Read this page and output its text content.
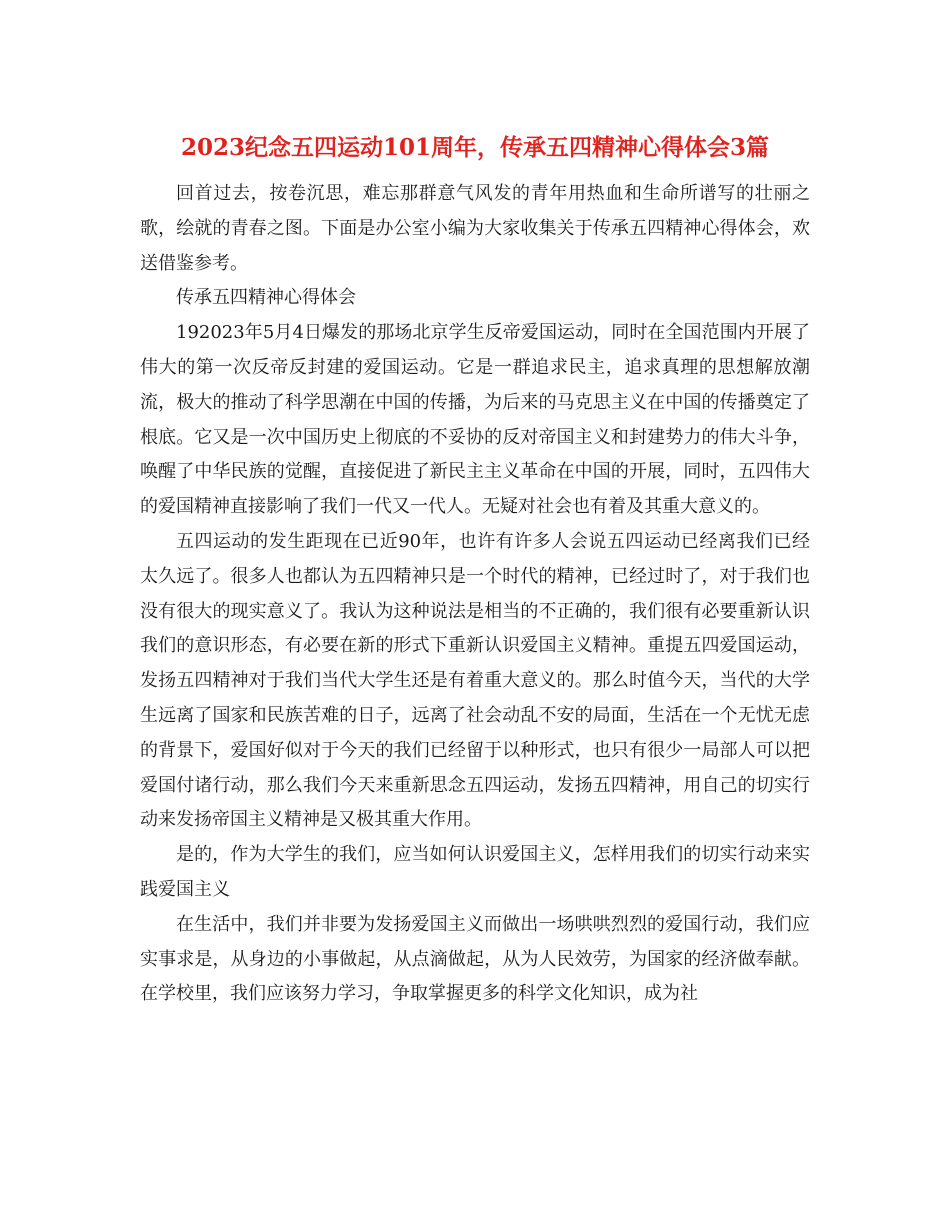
2023纪念五四运动101周年，传承五四精神心得体会3篇

回首过去，按卷沉思，难忘那群意气风发的青年用热血和生命所谱写的壮丽之歌，绘就的青春之图。下面是办公室小编为大家收集关于传承五四精神心得体会，欢送借鉴参考。

传承五四精神心得体会

192023年5月4日爆发的那场北京学生反帝爱国运动，同时在全国范围内开展了伟大的第一次反帝反封建的爱国运动。它是一群追求民主，追求真理的思想解放潮流，极大的推动了科学思潮在中国的传播，为后来的马克思主义在中国的传播奠定了根底。它又是一次中国历史上彻底的不妥协的反对帝国主义和封建势力的伟大斗争，唤醒了中华民族的觉醒，直接促进了新民主主义革命在中国的开展，同时，五四伟大的爱国精神直接影响了我们一代又一代人。无疑对社会也有着及其重大意义的。

五四运动的发生距现在已近90年，也许有许多人会说五四运动已经离我们已经太久远了。很多人也都认为五四精神只是一个时代的精神，已经过时了，对于我们也没有很大的现实意义了。我认为这种说法是相当的不正确的，我们很有必要重新认识我们的意识形态，有必要在新的形式下重新认识爱国主义精神。重提五四爱国运动，发扬五四精神对于我们当代大学生还是有着重大意义的。那么时值今天，当代的大学生远离了国家和民族苦难的日子，远离了社会动乱不安的局面，生活在一个无忧无虑的背景下，爱国好似对于今天的我们已经留于以种形式，也只有很少一局部人可以把爱国付诸行动，那么我们今天来重新思念五四运动，发扬五四精神，用自己的切实行动来发扬帝国主义精神是又极其重大作用。

是的，作为大学生的我们，应当如何认识爱国主义，怎样用我们的切实行动来实践爱国主义

在生活中，我们并非要为发扬爱国主义而做出一场哄哄烈烈的爱国行动，我们应实事求是，从身边的小事做起，从点滴做起，从为人民效劳，为国家的经济做奉献。在学校里，我们应该努力学习，争取掌握更多的科学文化知识，成为社
